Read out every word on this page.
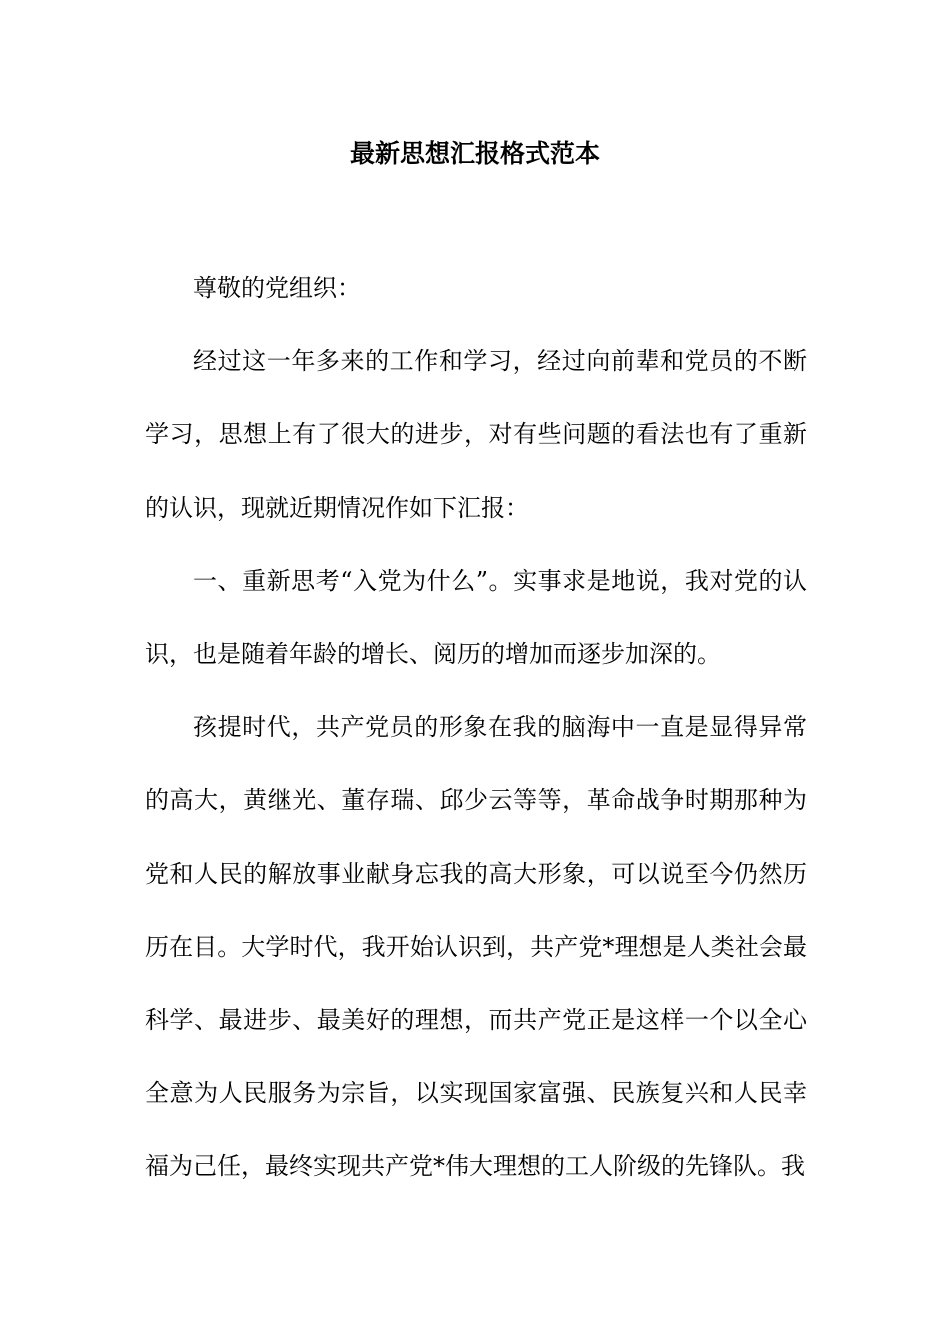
最新思想汇报格式范本

尊敬的党组织：

经过这一年多来的工作和学习，经过向前辈和党员的不断学习，思想上有了很大的进步，对有些问题的看法也有了重新的认识，现就近期情况作如下汇报：

一、重新思考“入党为什么”。实事求是地说，我对党的认识，也是随着年龄的增长、阅历的增加而逐步加深的。

孩提时代，共产党员的形象在我的脑海中一直是显得异常的高大，黄继光、董存瑞、邱少云等等，革命战争时期那种为党和人民的解放事业献身忘我的高大形象，可以说至今仍然历历在目。大学时代，我开始认识到，共产党*理想是人类社会最科学、最进步、最美好的理想，而共产党正是这样一个以全心全意为人民服务为宗旨，以实现国家富强、民族复兴和人民幸福为己任，最终实现共产党*伟大理想的工人阶级的先锋队。我
